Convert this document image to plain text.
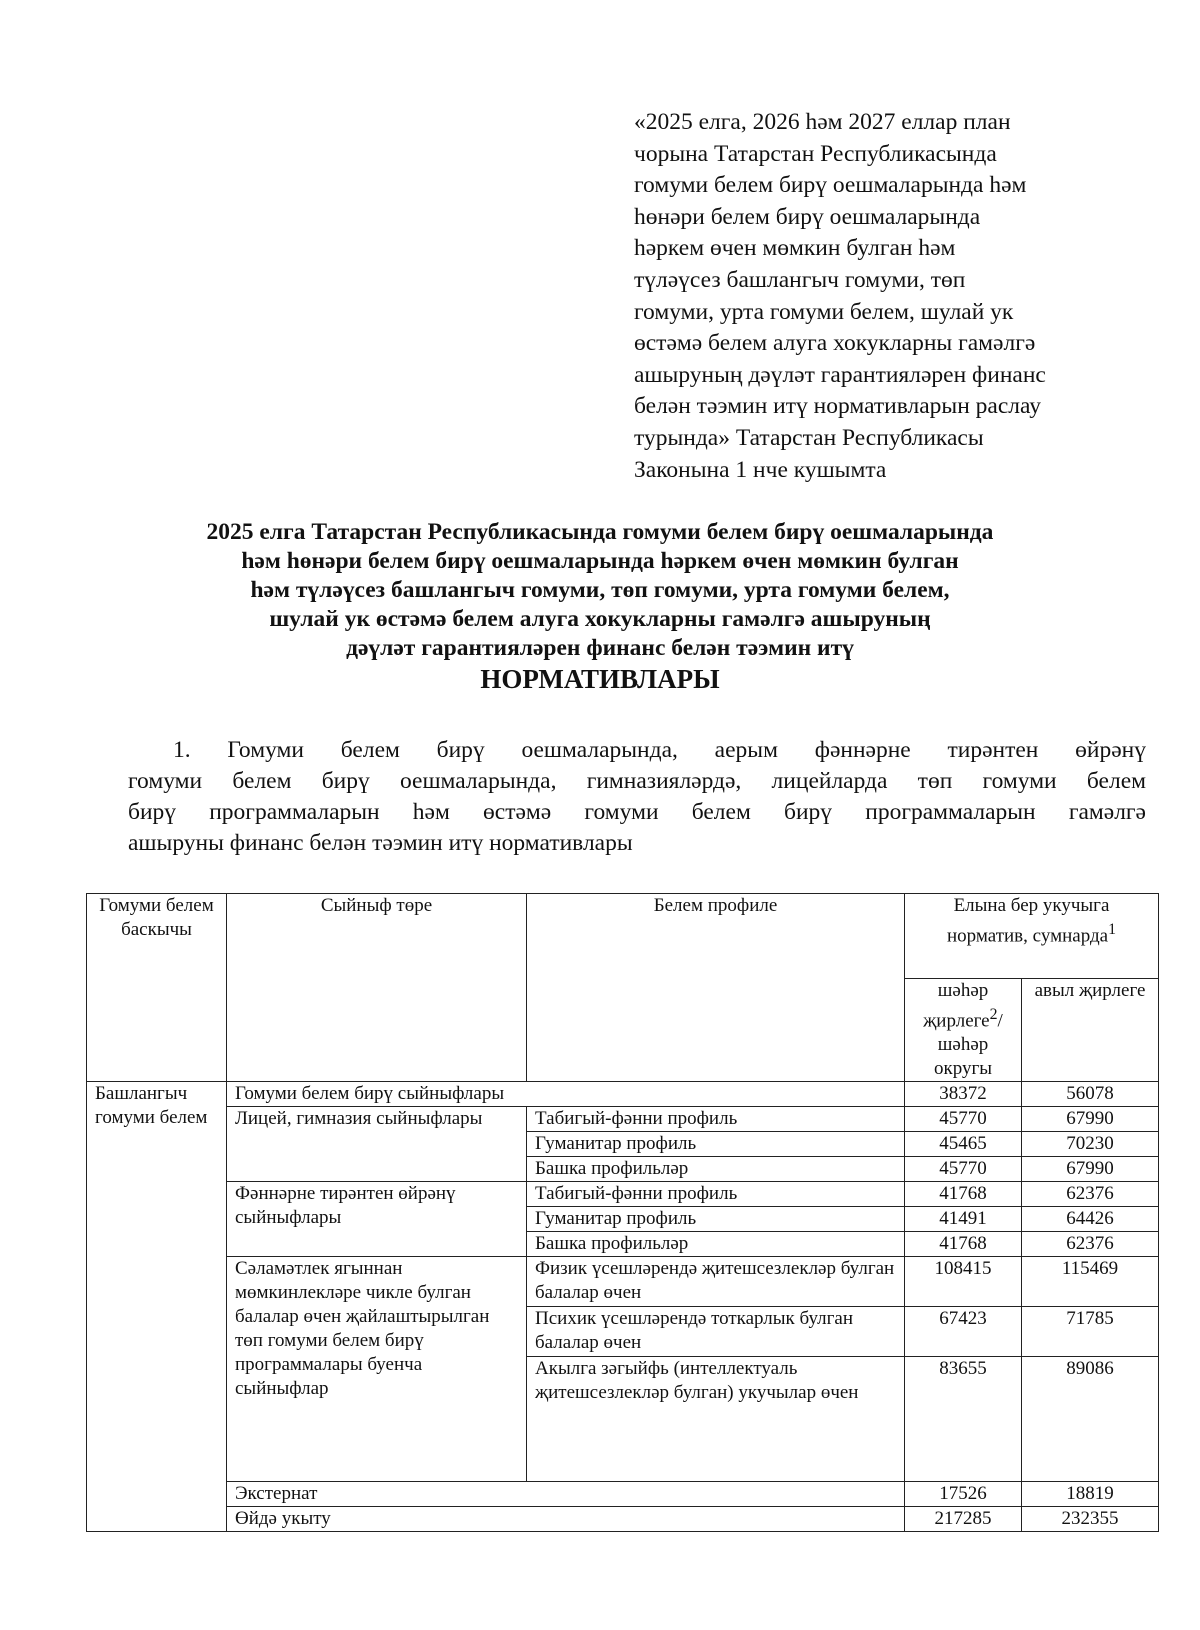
«2025 елга, 2026 һәм 2027 еллар план
чорына Татарстан Республикасында
гомуми белем бирү оешмаларында һәм
һөнәри белем бирү оешмаларында
һәркем өчен мөмкин булган һәм
түләүсез башлангыч гомуми, төп
гомуми, урта гомуми белем, шулай ук
өстәмә белем алуга хокукларны гамәлгә
ашыруның дәүләт гарантияләрен финанс
белән тәэмин итү нормативларын раслау
турында» Татарстан Республикасы
Законына 1 нче кушымта
2025 елга Татарстан Республикасында гомуми белем бирү оешмаларында
һәм һөнәри белем бирү оешмаларында һәркем өчен мөмкин булган
һәм түләүсез башлангыч гомуми, төп гомуми, урта гомуми белем,
шулай ук өстәмә белем алуга хокукларны гамәлгә ашыруның
дәүләт гарантияләрен финанс белән тәэмин итү
НОРМАТИВЛАРЫ
1. Гомуми белем бирү оешмаларында, аерым фәннәрне тирәнтен өйрәнү
гомуми белем бирү оешмаларында, гимназияләрдә, лицейларда төп гомуми белем
бирү программаларын һәм өстәмә гомуми белем бирү программаларын гамәлгә
ашыруны финанс белән тәэмин итү нормативлары
Гомуми белем баскычы	Сыйныф төре	Белем профиле	Елына бер укучыга норматив, сумнарда$^1$
			шәһәр җирлеге$^2$/ шәһәр округы	авыл җирлеге
Башлангыч гомуми белем	Гомуми белем бирү сыйныфлары		38372	56078
	Лицей, гимназия сыйныфлары	Табигый-фәнни профиль	45770	67990
		Гуманитар профиль	45465	70230
		Башка профильләр	45770	67990
	Фәннәрне тирәнтен өйрәнү сыйныфлары	Табигый-фәнни профиль	41768	62376
		Гуманитар профиль	41491	64426
		Башка профильләр	41768	62376
	Сәламәтлек ягыннан мөмкинлекләре чикле булган балалар өчен җайлаштырылган төп гомуми белем бирү программалары буенча сыйныфлар	Физик үсешләрендә җитешсезлекләр булган балалар өчен	108415	115469
		Психик үсешләрендә тоткарлык булган балалар өчен	67423	71785
		Акылга зәгыйфь (интеллектуаль җитешсезлекләр булган) укучылар өчен	83655	89086
	Экстернат		17526	18819
	Өйдә укыту		217285	232355
